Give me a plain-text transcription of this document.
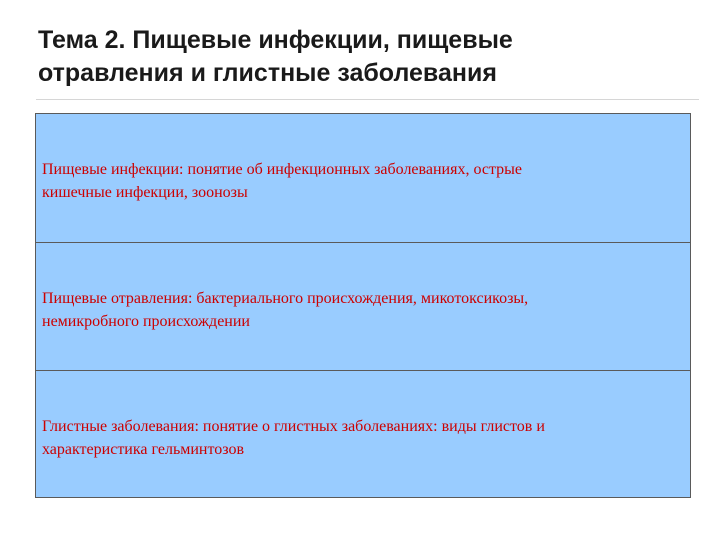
Тема 2. Пищевые инфекции, пищевые
отравления и глистные заболевания
Пищевые инфекции: понятие об инфекционных заболеваниях, острые
кишечные инфекции, зоонозы
Пищевые отравления: бактериального происхождения, микотоксикозы,
немикробного происхождении
Глистные заболевания: понятие о глистных заболеваниях: виды глистов и
характеристика гельминтозов
